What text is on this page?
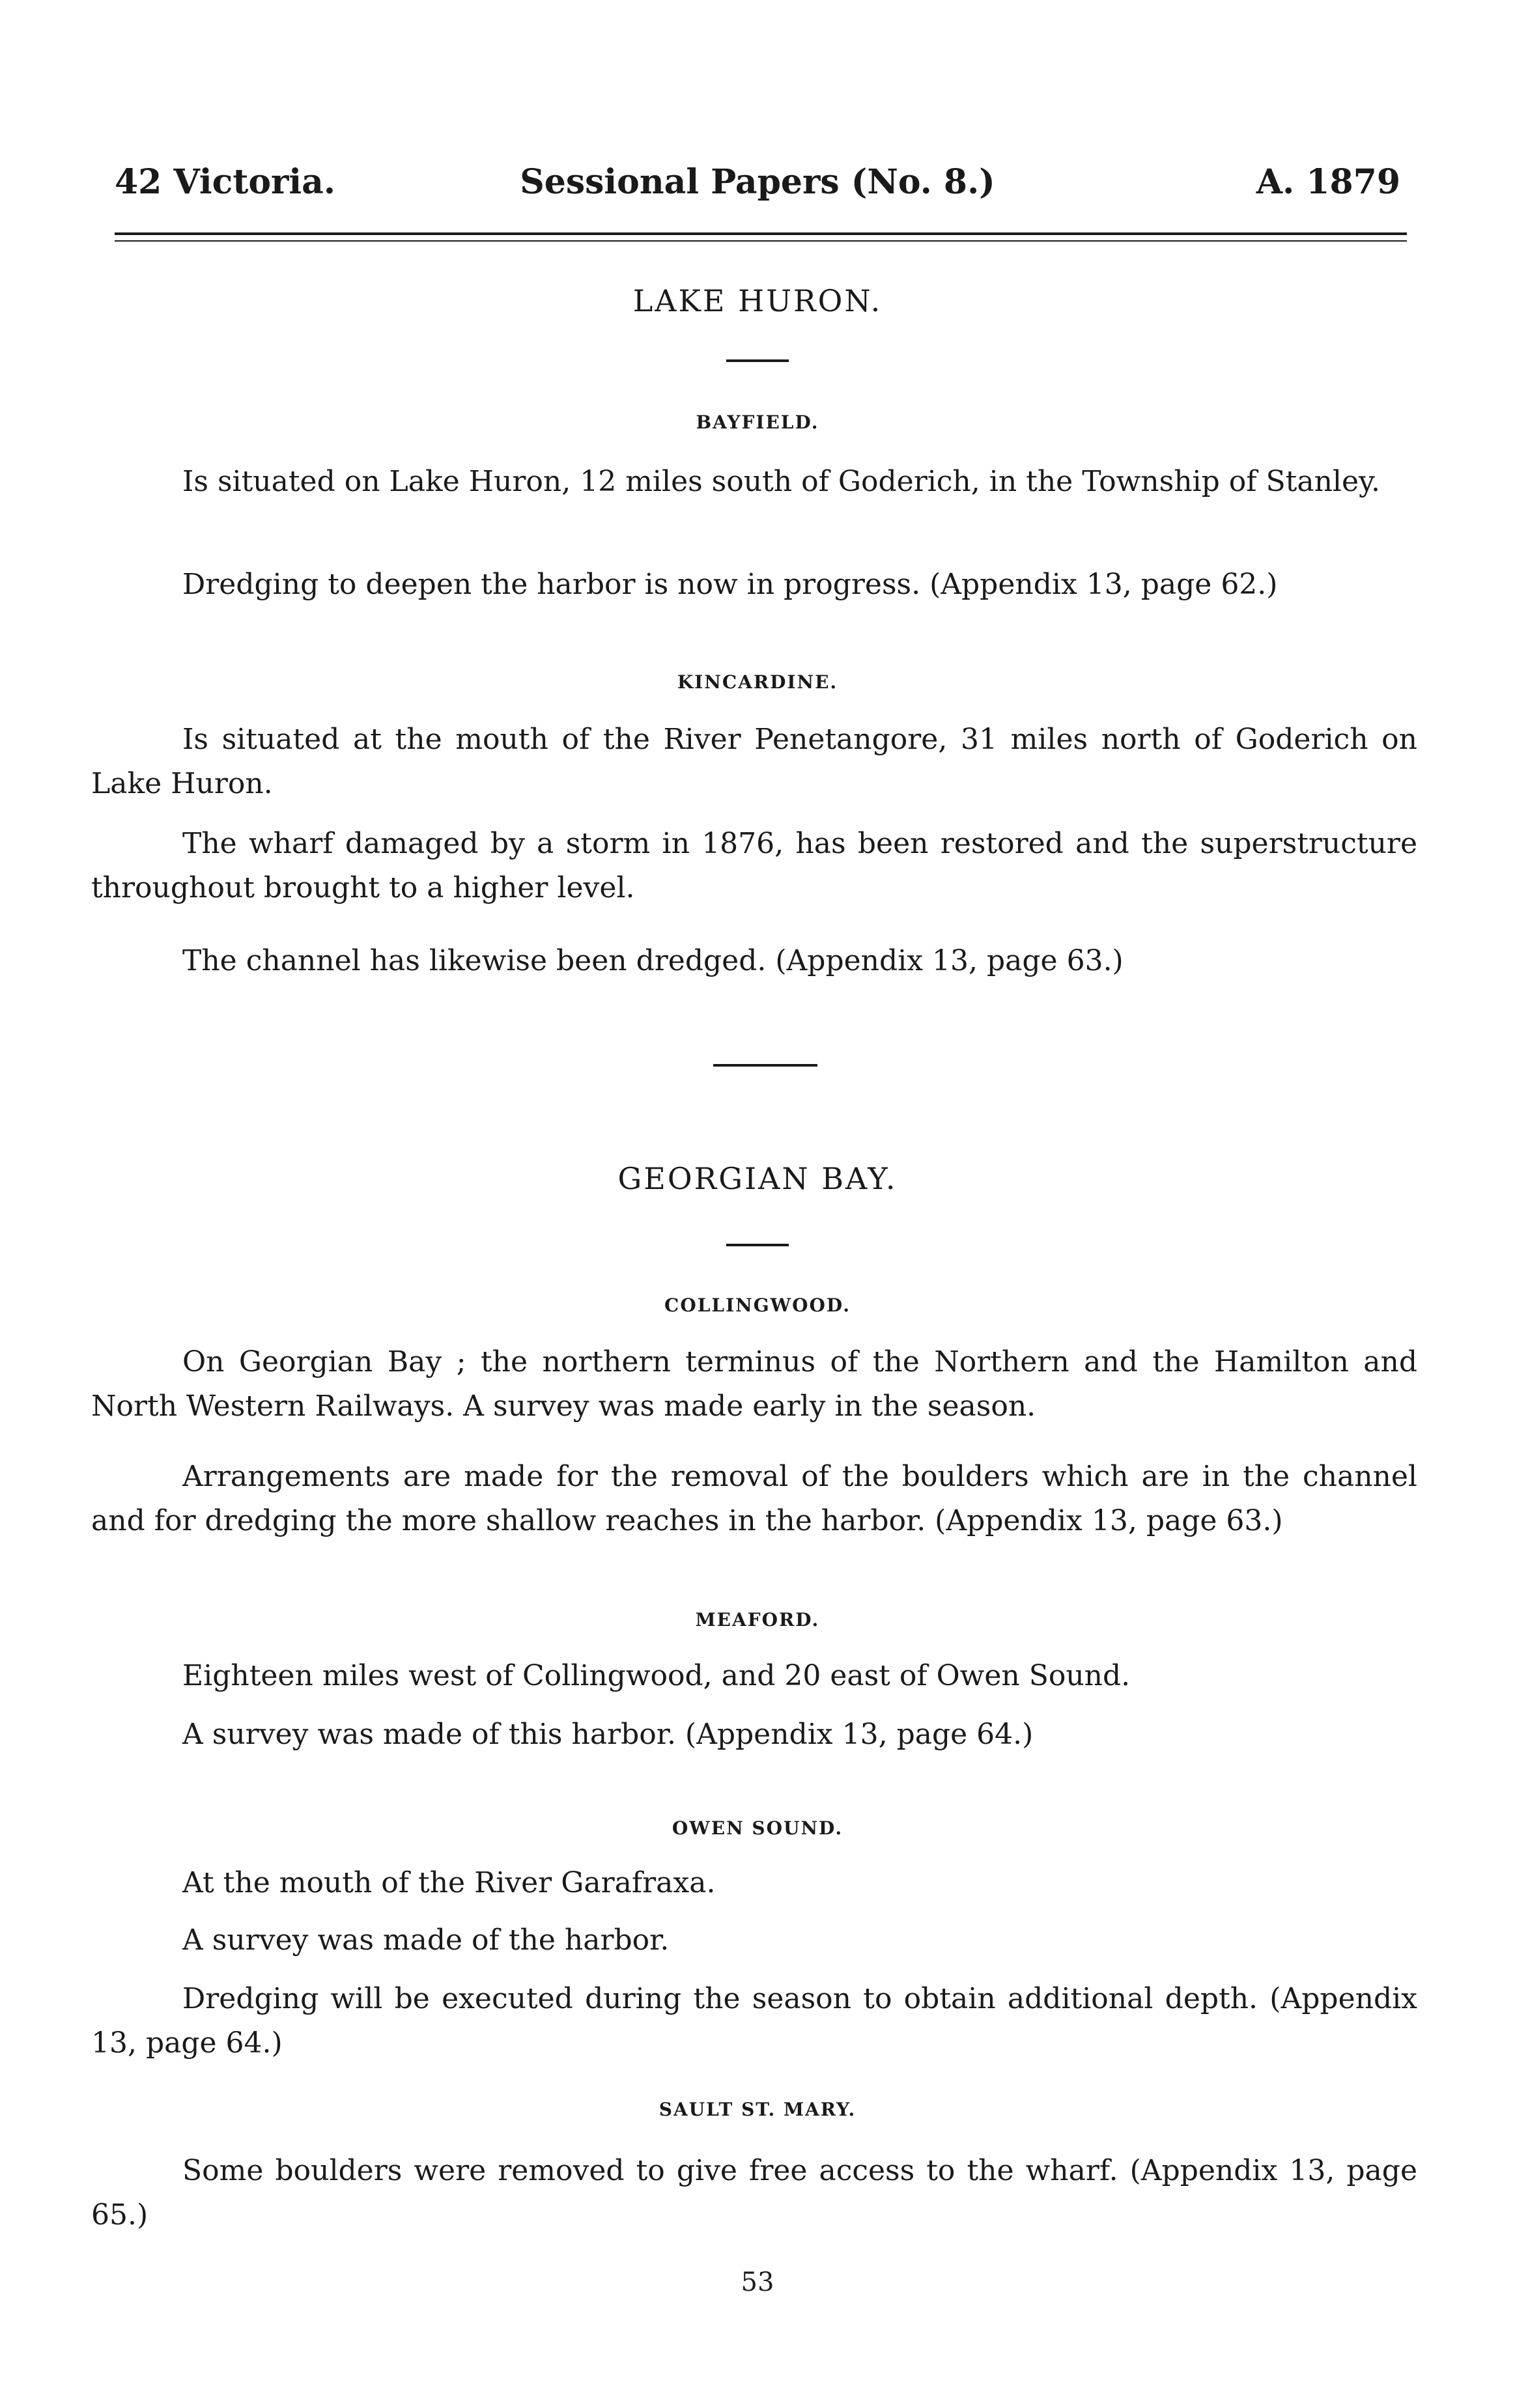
42 Victoria.	Sessional Papers (No. 8.)	A. 1879
LAKE HURON.
BAYFIELD.
Is situated on Lake Huron, 12 miles south of Goderich, in the Township of Stanley.
Dredging to deepen the harbor is now in progress. (Appendix 13, page 62.)
KINCARDINE.
Is situated at the mouth of the River Penetangore, 31 miles north of Goderich on Lake Huron.
The wharf damaged by a storm in 1876, has been restored and the superstructure throughout brought to a higher level.
The channel has likewise been dredged. (Appendix 13, page 63.)
GEORGIAN BAY.
COLLINGWOOD.
On Georgian Bay ; the northern terminus of the Northern and the Hamilton and North Western Railways. A survey was made early in the season.
Arrangements are made for the removal of the boulders which are in the channel and for dredging the more shallow reaches in the harbor. (Appendix 13, page 63.)
MEAFORD.
Eighteen miles west of Collingwood, and 20 east of Owen Sound.
A survey was made of this harbor. (Appendix 13, page 64.)
OWEN SOUND.
At the mouth of the River Garafraxa.
A survey was made of the harbor.
Dredging will be executed during the season to obtain additional depth. (Appendix 13, page 64.)
SAULT ST. MARY.
Some boulders were removed to give free access to the wharf. (Appendix 13, page 65.)
53
